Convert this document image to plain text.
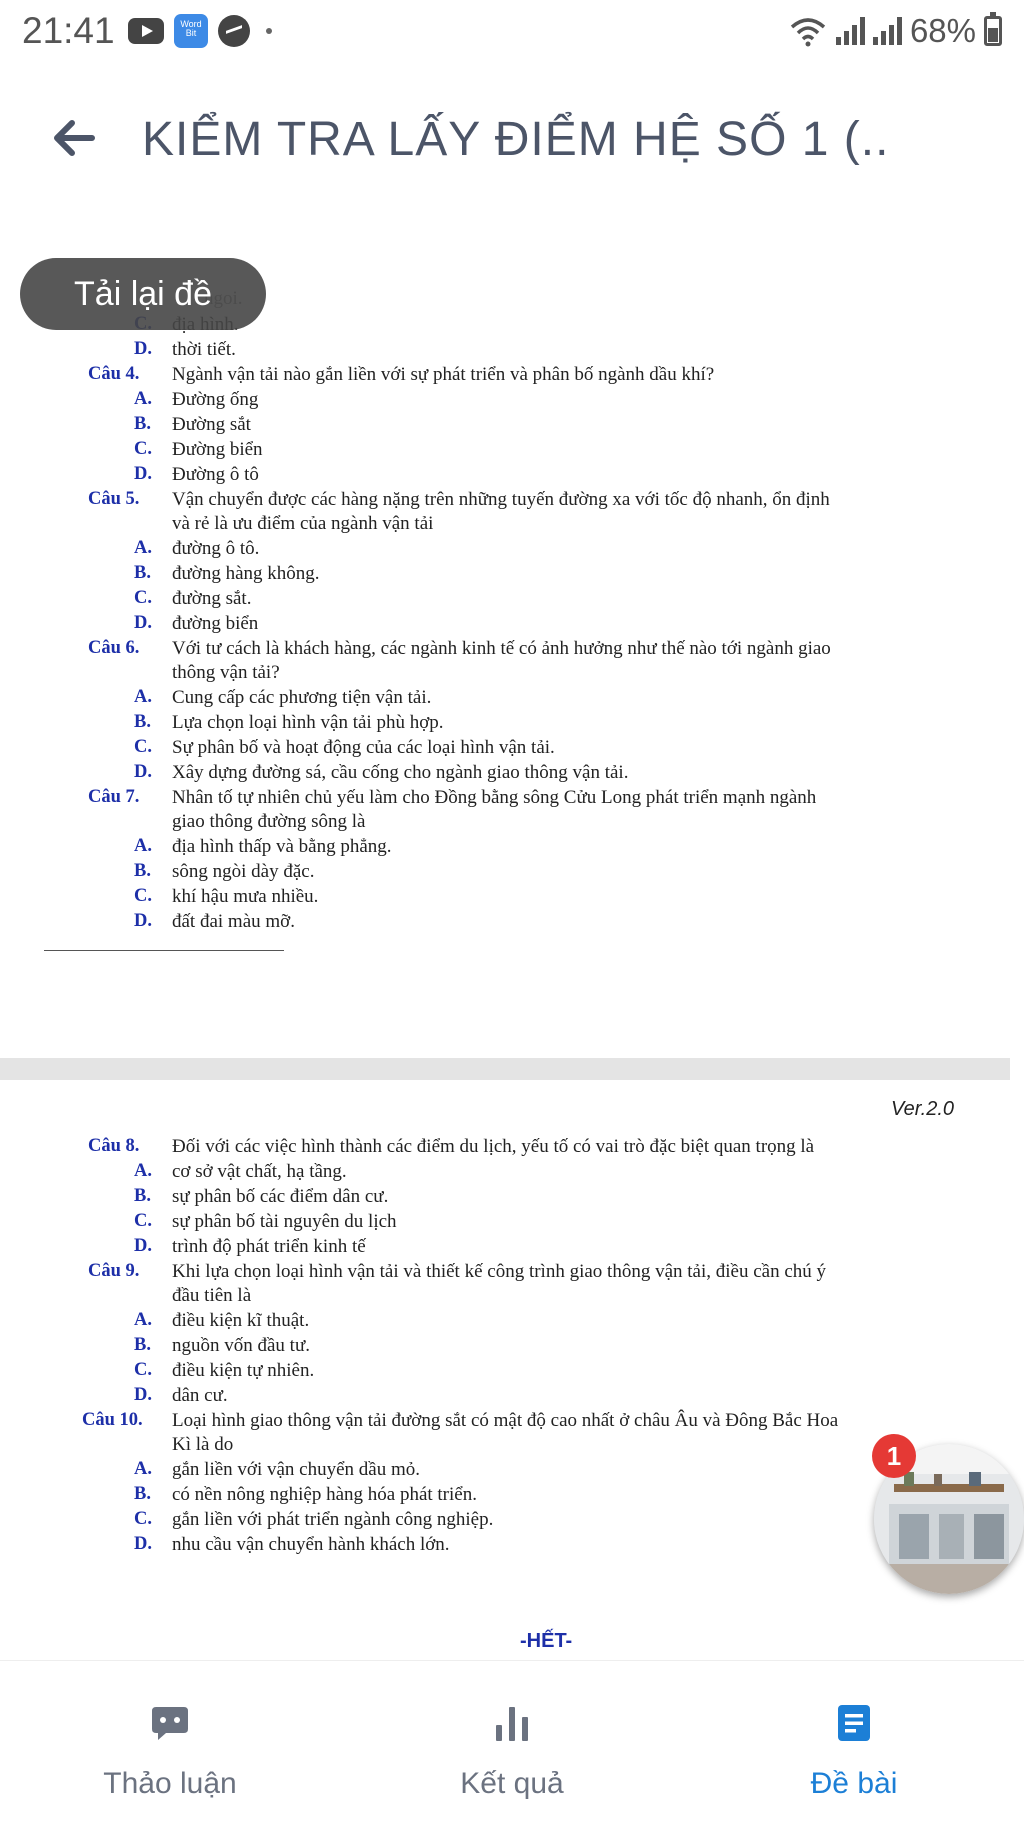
21:41	Word Bit	68%
KIỂM TRA LẤY ĐIỂM HỆ SỐ 1 (..
D. thời tiết.
Câu 4. Ngành vận tải nào gắn liền với sự phát triển và phân bố ngành dầu khí?
A. Đường ống
B. Đường sắt
C. Đường biển
D. Đường ô tô
Câu 5. Vận chuyển được các hàng nặng trên những tuyến đường xa với tốc độ nhanh, ổn định
và rẻ là ưu điểm của ngành vận tải
A. đường ô tô.
B. đường hàng không.
C. đường sắt.
D. đường biển
Câu 6. Với tư cách là khách hàng, các ngành kinh tế có ảnh hưởng như thế nào tới ngành giao
thông vận tải?
A. Cung cấp các phương tiện vận tải.
B. Lựa chọn loại hình vận tải phù hợp.
C. Sự phân bố và hoạt động của các loại hình vận tải.
D. Xây dựng đường sá, cầu cống cho ngành giao thông vận tải.
Câu 7. Nhân tố tự nhiên chủ yếu làm cho Đồng bằng sông Cửu Long phát triển mạnh ngành
giao thông đường sông là
A. địa hình thấp và bằng phẳng.
B. sông ngòi dày đặc.
C. khí hậu mưa nhiều.
D. đất đai màu mỡ.
Ver.2.0
Câu 8. Đối với các việc hình thành các điểm du lịch, yếu tố có vai trò đặc biệt quan trọng là
A. cơ sở vật chất, hạ tầng.
B. sự phân bố các điểm dân cư.
C. sự phân bố tài nguyên du lịch
D. trình độ phát triển kinh tế
Câu 9. Khi lựa chọn loại hình vận tải và thiết kế công trình giao thông vận tải, điều cần chú ý
đầu tiên là
A. điều kiện kĩ thuật.
B. nguồn vốn đầu tư.
C. điều kiện tự nhiên.
D. dân cư.
Câu 10. Loại hình giao thông vận tải đường sắt có mật độ cao nhất ở châu Âu và Đông Bắc Hoa
Kì là do
A. gắn liền với vận chuyển dầu mỏ.
B. có nền nông nghiệp hàng hóa phát triển.
C. gắn liền với phát triển ngành công nghiệp.
D. nhu cầu vận chuyển hành khách lớn.
-HẾT-
Tải lại đề
1
Thảo luận	Kết quả	Đề bài
